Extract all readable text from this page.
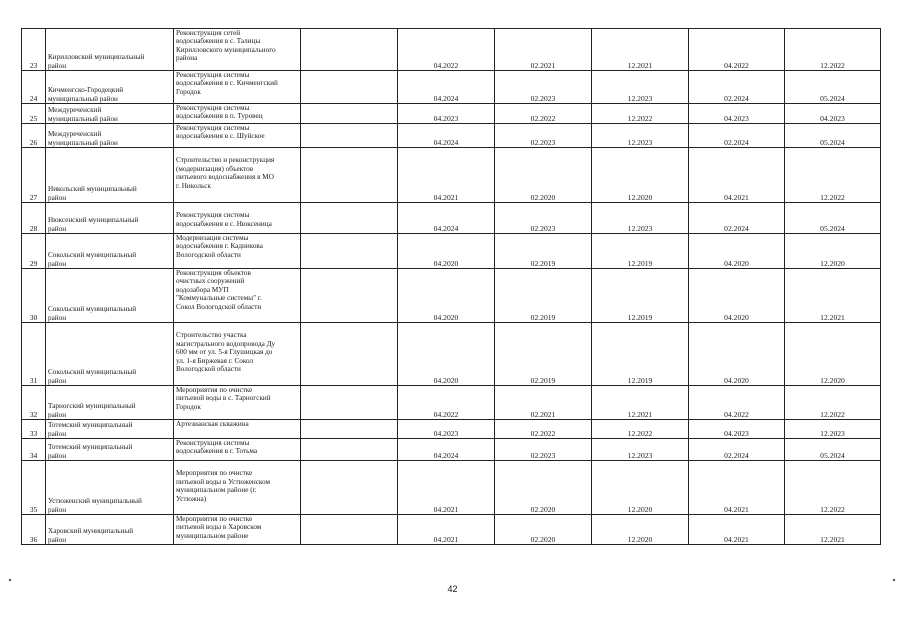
23	Кирилловский муниципальный
район	Реконструкция сетей
водоснабжения в с. Талицы
Кирилловского муниципального
района		04.2022	02.2021	12.2021	04.2022	12.2022
24	Кичменгско-Городецкий
муниципальный район	Реконструкция системы
водоснабжения в с. Кичменгский
Городок		04.2024	02.2023	12.2023	02.2024	05.2024
25	Междуреченский
муниципальный район	Реконструкция системы
водоснабжения в п. Туровец		04.2023	02.2022	12.2022	04.2023	04.2023
26	Междуреченский
муниципальный район	Реконструкция системы
водоснабжения в с. Шуйское		04.2024	02.2023	12.2023	02.2024	05.2024
27	Никольский муниципальный
район	
Строительство и реконструкция
(модернизация) объектов
питьевого водоснабжения в МО
г. Никольск		04.2021	02.2020	12.2020	04.2021	12.2022
28	Нюксенский муниципальный
район	
Реконструкция системы
водоснабжения в с. Нюксеница		04.2024	02.2023	12.2023	02.2024	05.2024
29	Сокольский муниципальный
район	Модернизация системы
водоснабжения г. Кадникова
Вологодской области		04.2020	02.2019	12.2019	04.2020	12.2020
30	Сокольский муниципальный
район	Реконструкция объектов
очистных сооружений
водозабора МУП
"Коммунальные системы" г.
Сокол Вологодской области		04.2020	02.2019	12.2019	04.2020	12.2021
31	Сокольский муниципальный
район	
Строительство участка
магистрального водопровода Ду
600 мм от ул. 5-я Глушицкая до
ул. 1-я Биржевая г. Сокол
Вологодской области		04.2020	02.2019	12.2019	04.2020	12.2020
32	Тарногский муниципальный
район	Мероприятия по очистке
питьевой воды в с. Тарногский
Городок		04.2022	02.2021	12.2021	04.2022	12.2022
33	Тотемский муниципальный
район	Артезианская скважина		04.2023	02.2022	12.2022	04.2023	12.2023
34	Тотемский муниципальный
район	Реконструкция системы
водоснабжения в г. Тотьма		04.2024	02.2023	12.2023	02.2024	05.2024
35	Устюженский муниципальный
район	
Мероприятия по очистке
питьевой воды в Устюженском
муниципальном районе (г.
Устюжна)		04.2021	02.2020	12.2020	04.2021	12.2022
36	Харовский муниципальный
район	Мероприятия по очистке
питьевой воды в Харовском
муниципальном районе		04.2021	02.2020	12.2020	04.2021	12.2021
42
